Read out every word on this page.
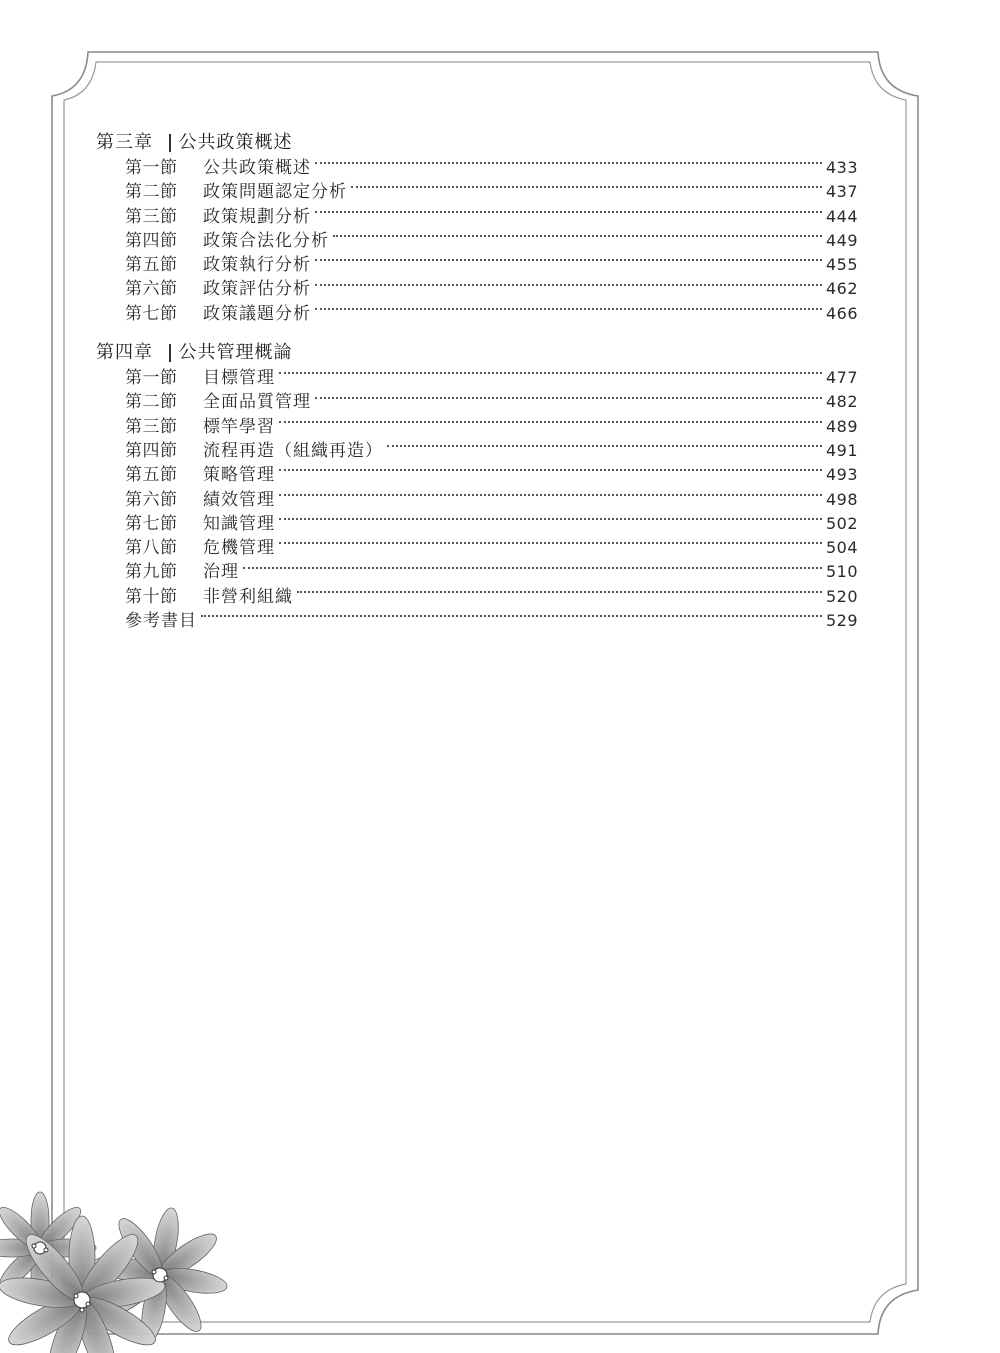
第三章 公共政策概述
第一節	公共政策概述	433
第二節	政策問題認定分析	437
第三節	政策規劃分析	444
第四節	政策合法化分析	449
第五節	政策執行分析	455
第六節	政策評估分析	462
第七節	政策議題分析	466
第四章 公共管理概論
第一節	目標管理	477
第二節	全面品質管理	482
第三節	標竿學習	489
第四節	流程再造（組織再造）	491
第五節	策略管理	493
第六節	績效管理	498
第七節	知識管理	502
第八節	危機管理	504
第九節	治理	510
第十節	非營利組織	520
參考書目	529
